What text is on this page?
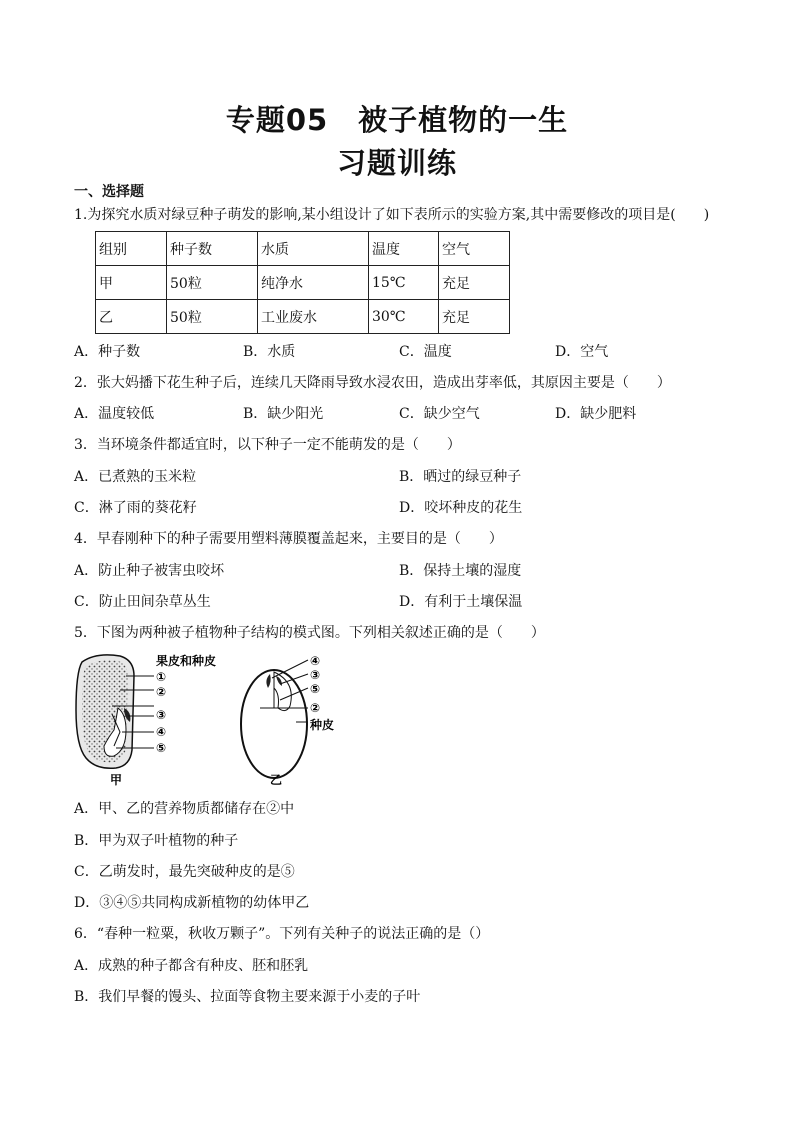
专题05　被子植物的一生
习题训练
一、选择题
1.为探究水质对绿豆种子萌发的影响,某小组设计了如下表所示的实验方案,其中需要修改的项目是(　　)
组别	种子数	水质	温度	空气
甲	50粒	纯净水	15℃	充足
乙	50粒	工业废水	30℃	充足
A．种子数	B．水质	C．温度	D．空气
2．张大妈播下花生种子后，连续几天降雨导致水浸农田，造成出芽率低，其原因主要是（　　）
A．温度较低	B．缺少阳光	C．缺少空气	D．缺少肥料
3．当环境条件都适宜时，以下种子一定不能萌发的是（　　）
A．已煮熟的玉米粒	B．晒过的绿豆种子
C．淋了雨的葵花籽	D．咬坏种皮的花生
4．早春刚种下的种子需要用塑料薄膜覆盖起来，主要目的是（　　）
A．防止种子被害虫咬坏	B．保持土壤的湿度
C．防止田间杂草丛生	D．有利于土壤保温
5．下图为两种被子植物种子结构的模式图。下列相关叙述正确的是（　　）
果皮和种皮
①
②
③
④
⑤
甲
④
③
⑤
②
种皮
乙
A．甲、乙的营养物质都储存在②中
B．甲为双子叶植物的种子
C．乙萌发时，最先突破种皮的是⑤
D．③④⑤共同构成新植物的幼体甲乙
6．“春种一粒粟，秋收万颗子”。下列有关种子的说法正确的是（）
A．成熟的种子都含有种皮、胚和胚乳
B．我们早餐的馒头、拉面等食物主要来源于小麦的子叶
